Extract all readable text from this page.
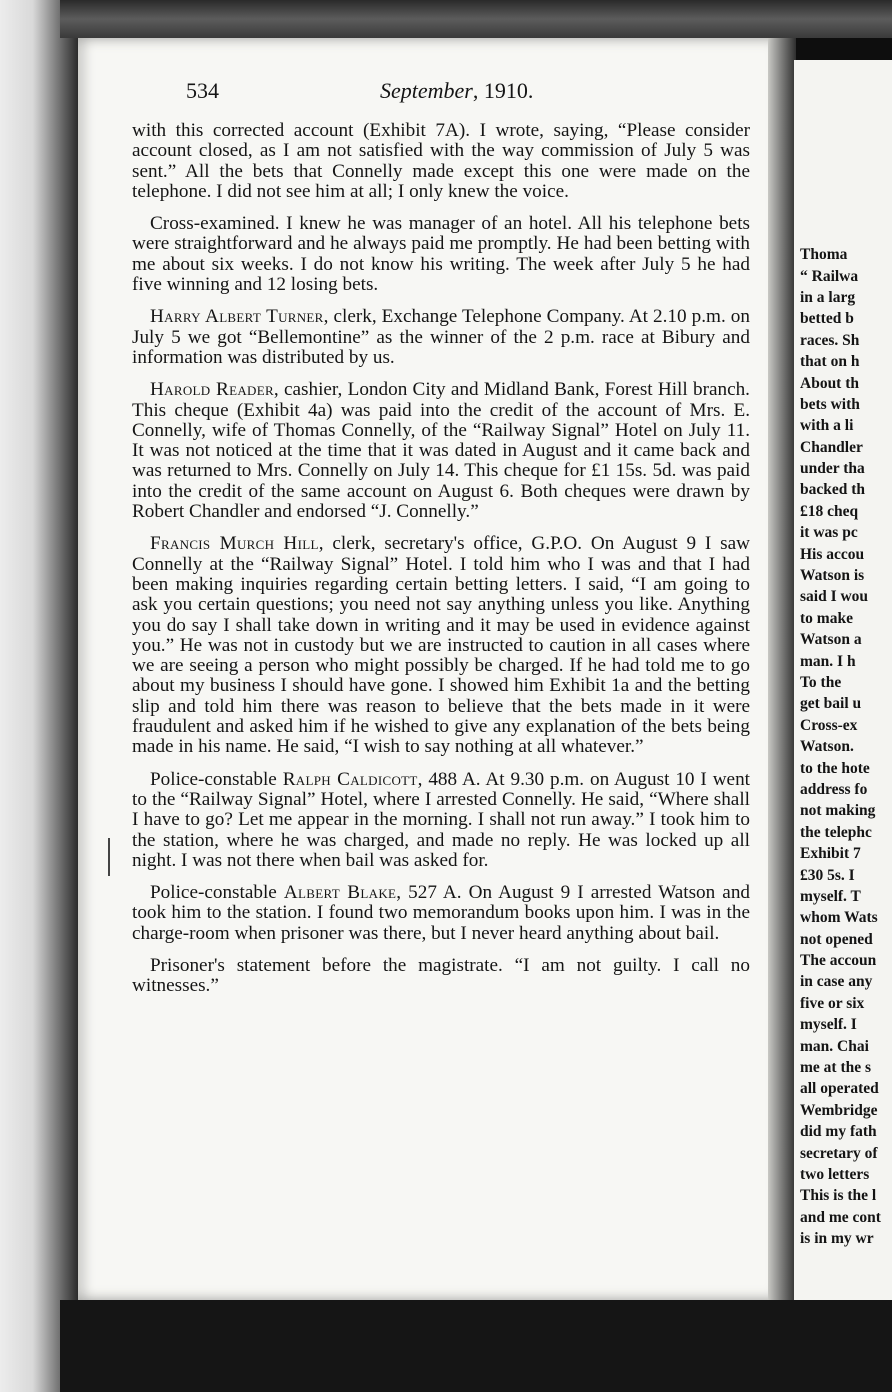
Thoma
“ Railwa
in a larg
betted b
races. Sh
that on h
About th
bets with
with a li
Chandler
under tha
backed th
£18 cheq
it was pc
His accou
Watson is
said I wou
to make
Watson a
man. I h
To the
get bail u
Cross-ex
Watson.
to the hote
address fo
not making
the telephc
Exhibit 7
£30 5s. I
myself. T
whom Wats
not opened
The accoun
in case any
five or six
myself. I
man. Chai
me at the s
all operated
Wembridge
did my fath
secretary of
two letters
This is the l
and me cont
is in my wr
534	September, 1910.

with this corrected account (Exhibit 7A). I wrote, saying, “Please consider account closed, as I am not satisfied with the way commission of July 5 was sent.” All the bets that Connelly made except this one were made on the telephone. I did not see him at all; I only knew the voice.

Cross-examined. I knew he was manager of an hotel. All his telephone bets were straightforward and he always paid me promptly. He had been betting with me about six weeks. I do not know his writing. The week after July 5 he had five winning and 12 losing bets.

Harry Albert Turner, clerk, Exchange Telephone Company. At 2.10 p.m. on July 5 we got “Bellemontine” as the winner of the 2 p.m. race at Bibury and information was distributed by us.

Harold Reader, cashier, London City and Midland Bank, Forest Hill branch. This cheque (Exhibit 4a) was paid into the credit of the account of Mrs. E. Connelly, wife of Thomas Connelly, of the “Railway Signal” Hotel on July 11. It was not noticed at the time that it was dated in August and it came back and was returned to Mrs. Connelly on July 14. This cheque for £1 15s. 5d. was paid into the credit of the same account on August 6. Both cheques were drawn by Robert Chandler and endorsed “J. Connelly.”

Francis Murch Hill, clerk, secretary's office, G.P.O. On August 9 I saw Connelly at the “Railway Signal” Hotel. I told him who I was and that I had been making inquiries regarding certain betting letters. I said, “I am going to ask you certain questions; you need not say anything unless you like. Anything you do say I shall take down in writing and it may be used in evidence against you.” He was not in custody but we are instructed to caution in all cases where we are seeing a person who might possibly be charged. If he had told me to go about my business I should have gone. I showed him Exhibit 1a and the betting slip and told him there was reason to believe that the bets made in it were fraudulent and asked him if he wished to give any explanation of the bets being made in his name. He said, “I wish to say nothing at all whatever.”

Police-constable Ralph Caldicott, 488 A. At 9.30 p.m. on August 10 I went to the “Railway Signal” Hotel, where I arrested Connelly. He said, “Where shall I have to go? Let me appear in the morning. I shall not run away.” I took him to the station, where he was charged, and made no reply. He was locked up all night. I was not there when bail was asked for.

Police-constable Albert Blake, 527 A. On August 9 I arrested Watson and took him to the station. I found two memorandum books upon him. I was in the charge-room when prisoner was there, but I never heard anything about bail.

Prisoner's statement before the magistrate. “I am not guilty. I call no witnesses.”
